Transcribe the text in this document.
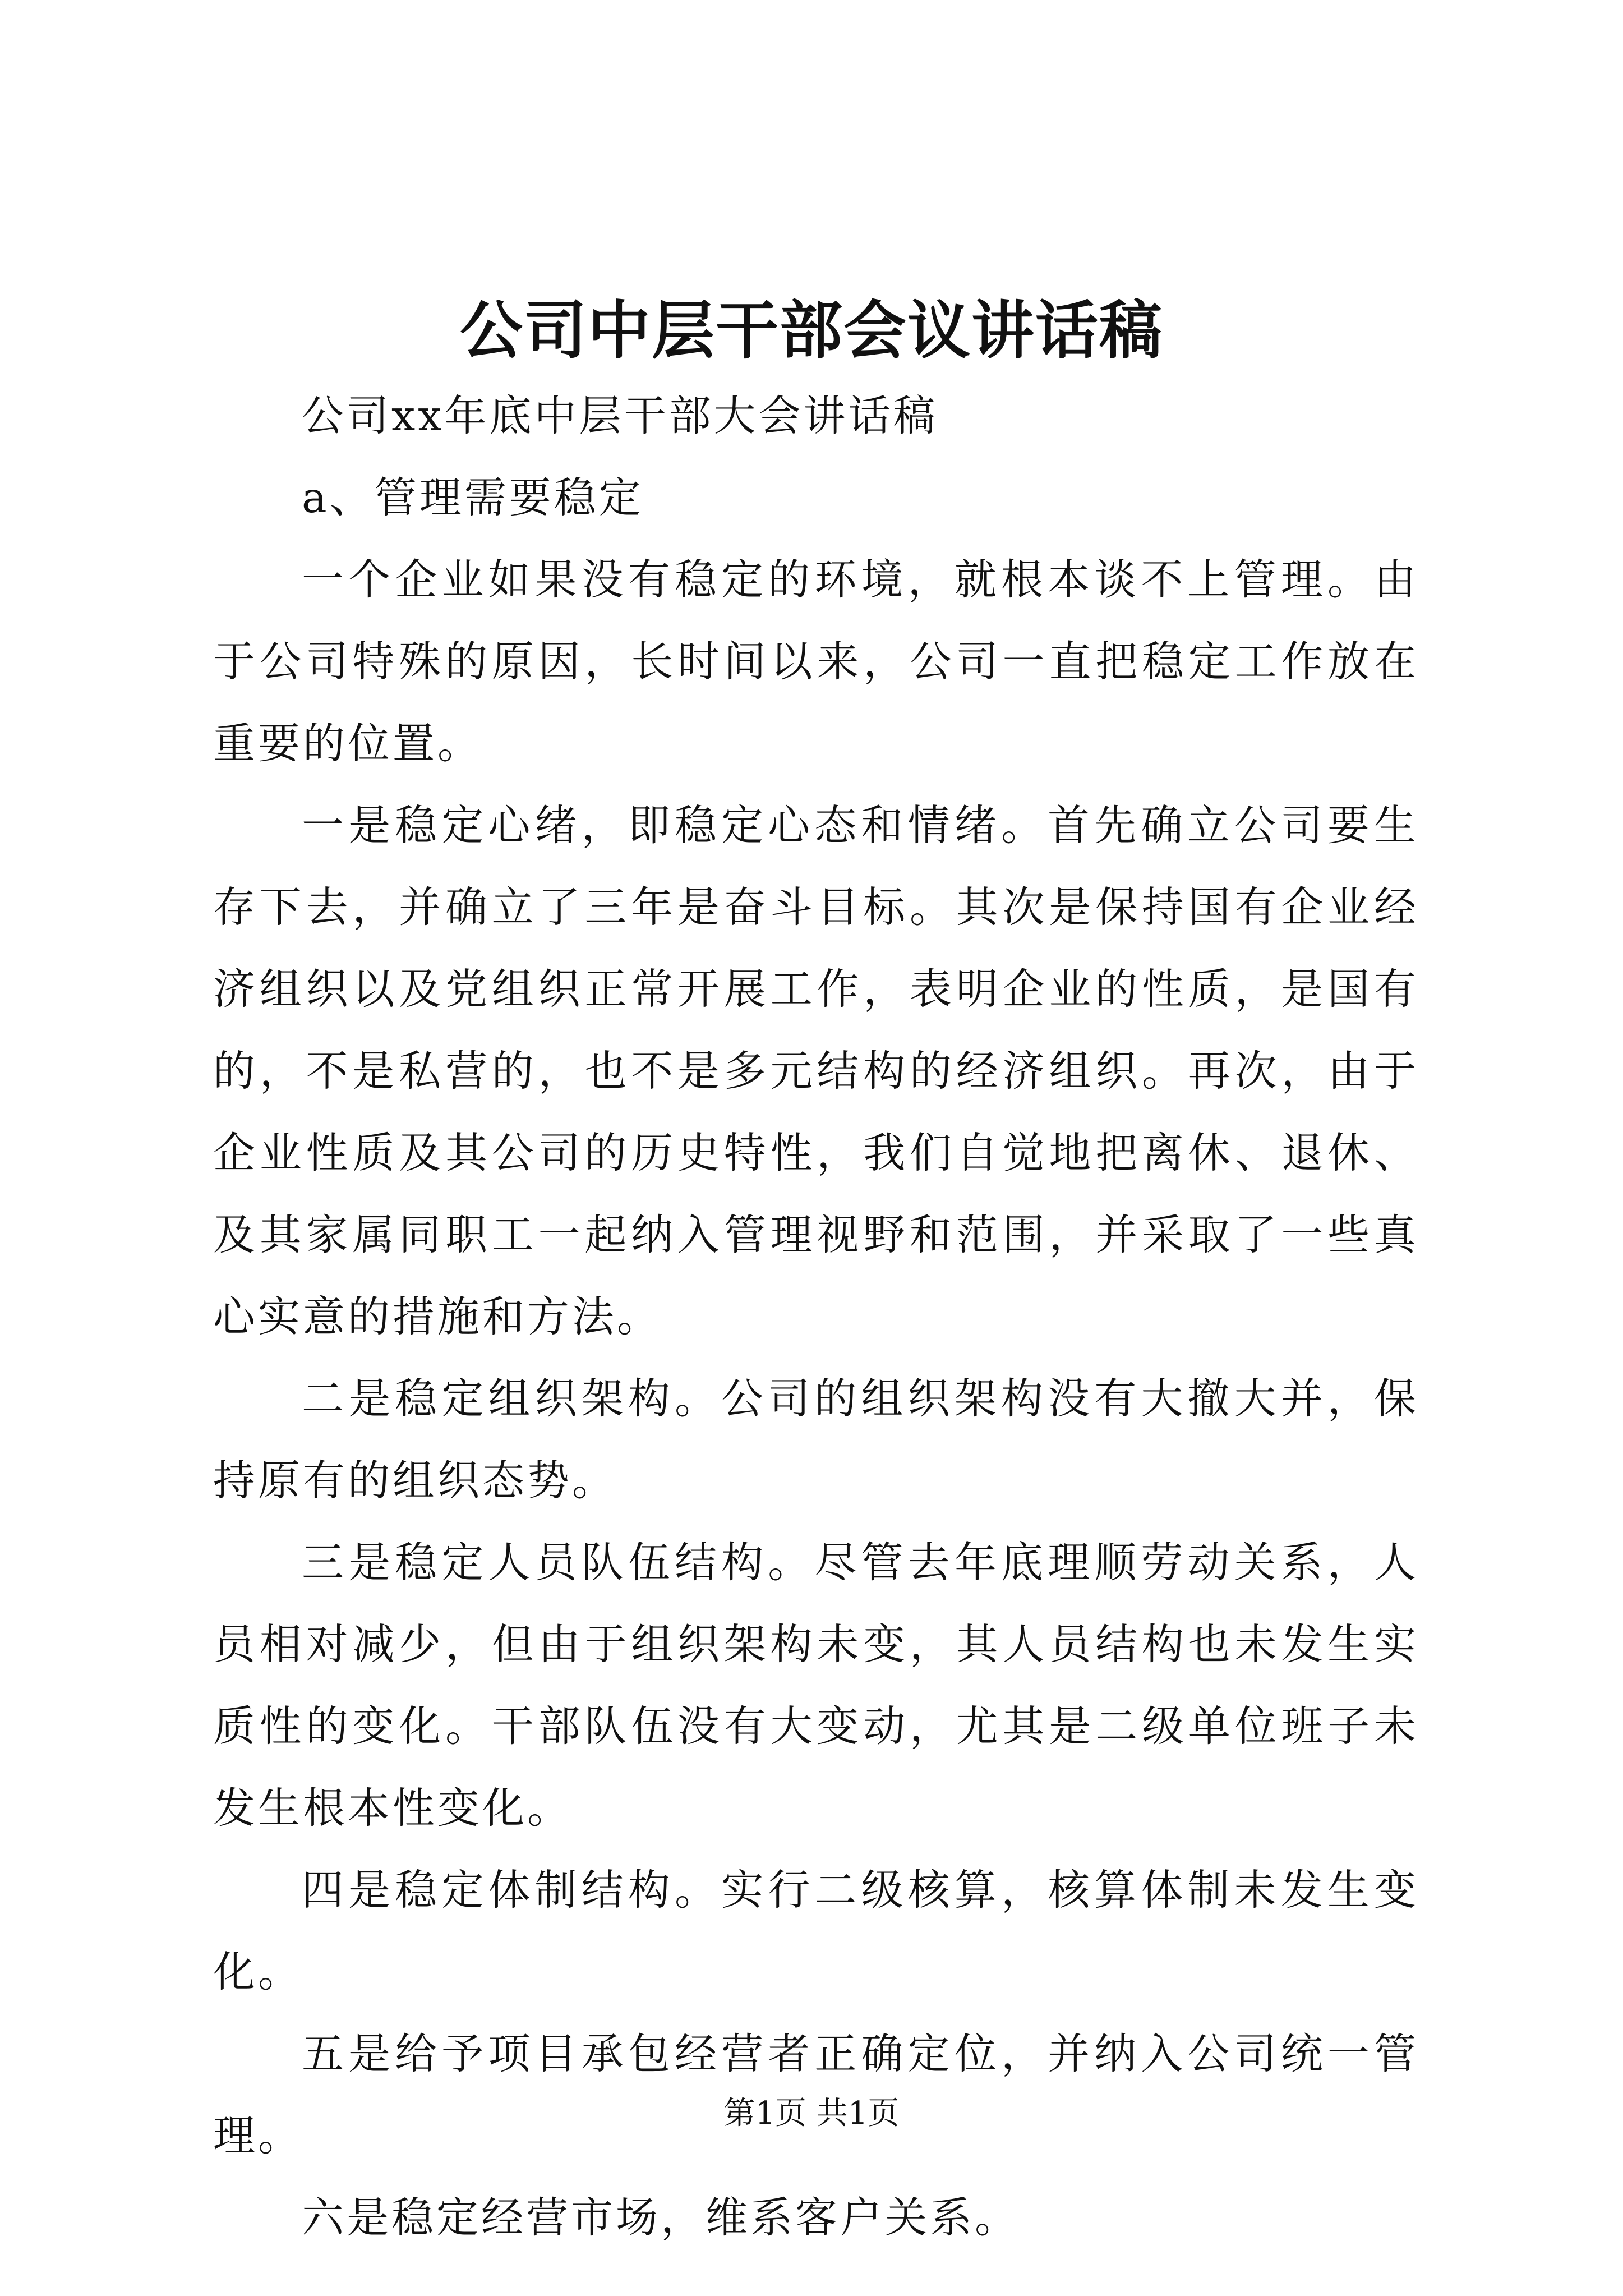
公司中层干部会议讲话稿

公司xx年底中层干部大会讲话稿

a、管理需要稳定

一个企业如果没有稳定的环境，就根本谈不上管理。由于公司特殊的原因，长时间以来，公司一直把稳定工作放在重要的位置。

一是稳定心绪，即稳定心态和情绪。首先确立公司要生存下去，并确立了三年是奋斗目标。其次是保持国有企业经济组织以及党组织正常开展工作，表明企业的性质，是国有的，不是私营的，也不是多元结构的经济组织。再次，由于企业性质及其公司的历史特性，我们自觉地把离休、退休、及其家属同职工一起纳入管理视野和范围，并采取了一些真心实意的措施和方法。

二是稳定组织架构。公司的组织架构没有大撤大并，保持原有的组织态势。

三是稳定人员队伍结构。尽管去年底理顺劳动关系，人员相对减少，但由于组织架构未变，其人员结构也未发生实质性的变化。干部队伍没有大变动，尤其是二级单位班子未发生根本性变化。

四是稳定体制结构。实行二级核算，核算体制未发生变化。

五是给予项目承包经营者正确定位，并纳入公司统一管理。

六是稳定经营市场，维系客户关系。

第1页 共1页
